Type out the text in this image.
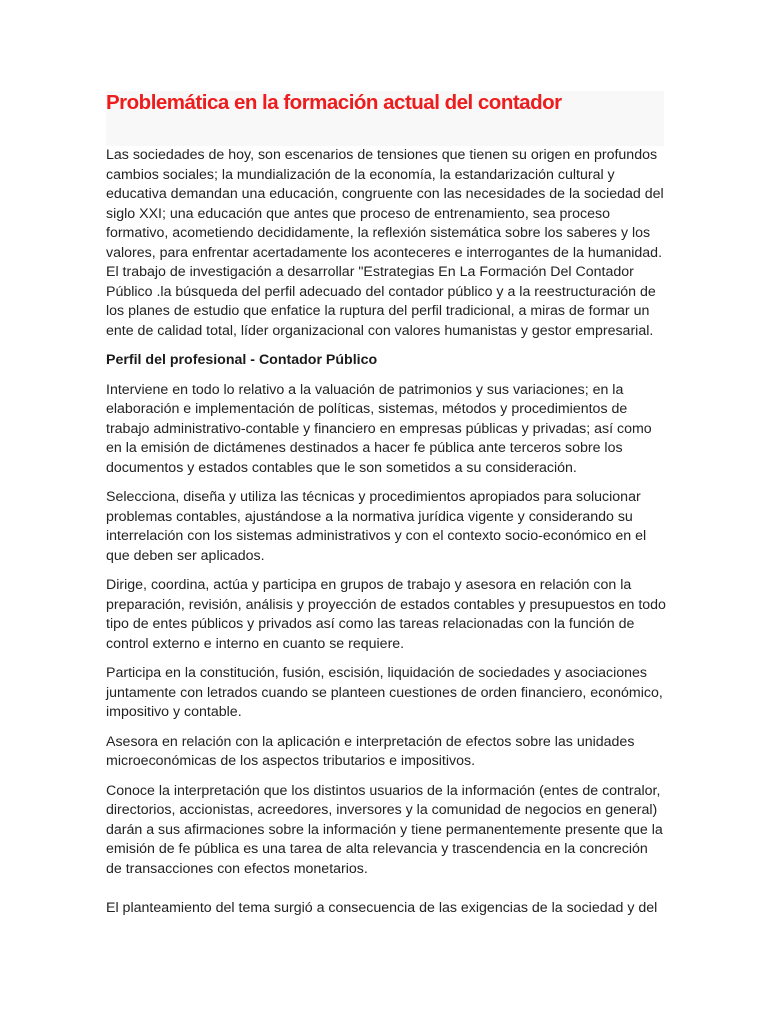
Problemática en la formación actual del contador

Las sociedades de hoy, son escenarios de tensiones que tienen su origen en profundos cambios sociales; la mundialización de la economía, la estandarización cultural y educativa demandan una educación, congruente con las necesidades de la sociedad del siglo XXI; una educación que antes que proceso de entrenamiento, sea proceso formativo, acometiendo decididamente, la reflexión sistemática sobre los saberes y los valores, para enfrentar acertadamente los aconteceres e interrogantes de la humanidad. El trabajo de investigación a desarrollar "Estrategias En La Formación Del Contador Público .la búsqueda del perfil adecuado del contador público y a la reestructuración de los planes de estudio que enfatice la ruptura del perfil tradicional, a miras de formar un ente de calidad total, líder organizacional con valores humanistas y gestor empresarial.

Perfil del profesional - Contador Público

Interviene en todo lo relativo a la valuación de patrimonios y sus variaciones; en la elaboración e implementación de políticas, sistemas, métodos y procedimientos de trabajo administrativo-contable y financiero en empresas públicas y privadas; así como en la emisión de dictámenes destinados a hacer fe pública ante terceros sobre los documentos y estados contables que le son sometidos a su consideración.

Selecciona, diseña y utiliza las técnicas y procedimientos apropiados para solucionar problemas contables, ajustándose a la normativa jurídica vigente y considerando su interrelación con los sistemas administrativos y con el contexto socio-económico en el que deben ser aplicados.

Dirige, coordina, actúa y participa en grupos de trabajo y asesora en relación con la preparación, revisión, análisis y proyección de estados contables y presupuestos en todo tipo de entes públicos y privados así como las tareas relacionadas con la función de control externo e interno en cuanto se requiere.

Participa en la constitución, fusión, escisión, liquidación de sociedades y asociaciones juntamente con letrados cuando se planteen cuestiones de orden financiero, económico, impositivo y contable.

Asesora en relación con la aplicación e interpretación de efectos sobre las unidades microeconómicas de los aspectos tributarios e impositivos.

Conoce la interpretación que los distintos usuarios de la información (entes de contralor, directorios, accionistas, acreedores, inversores y la comunidad de negocios en general) darán a sus afirmaciones sobre la información y tiene permanentemente presente que la emisión de fe pública es una tarea de alta relevancia y trascendencia en la concreción de transacciones con efectos monetarios.

El planteamiento del tema surgió a consecuencia de las exigencias de la sociedad y del
